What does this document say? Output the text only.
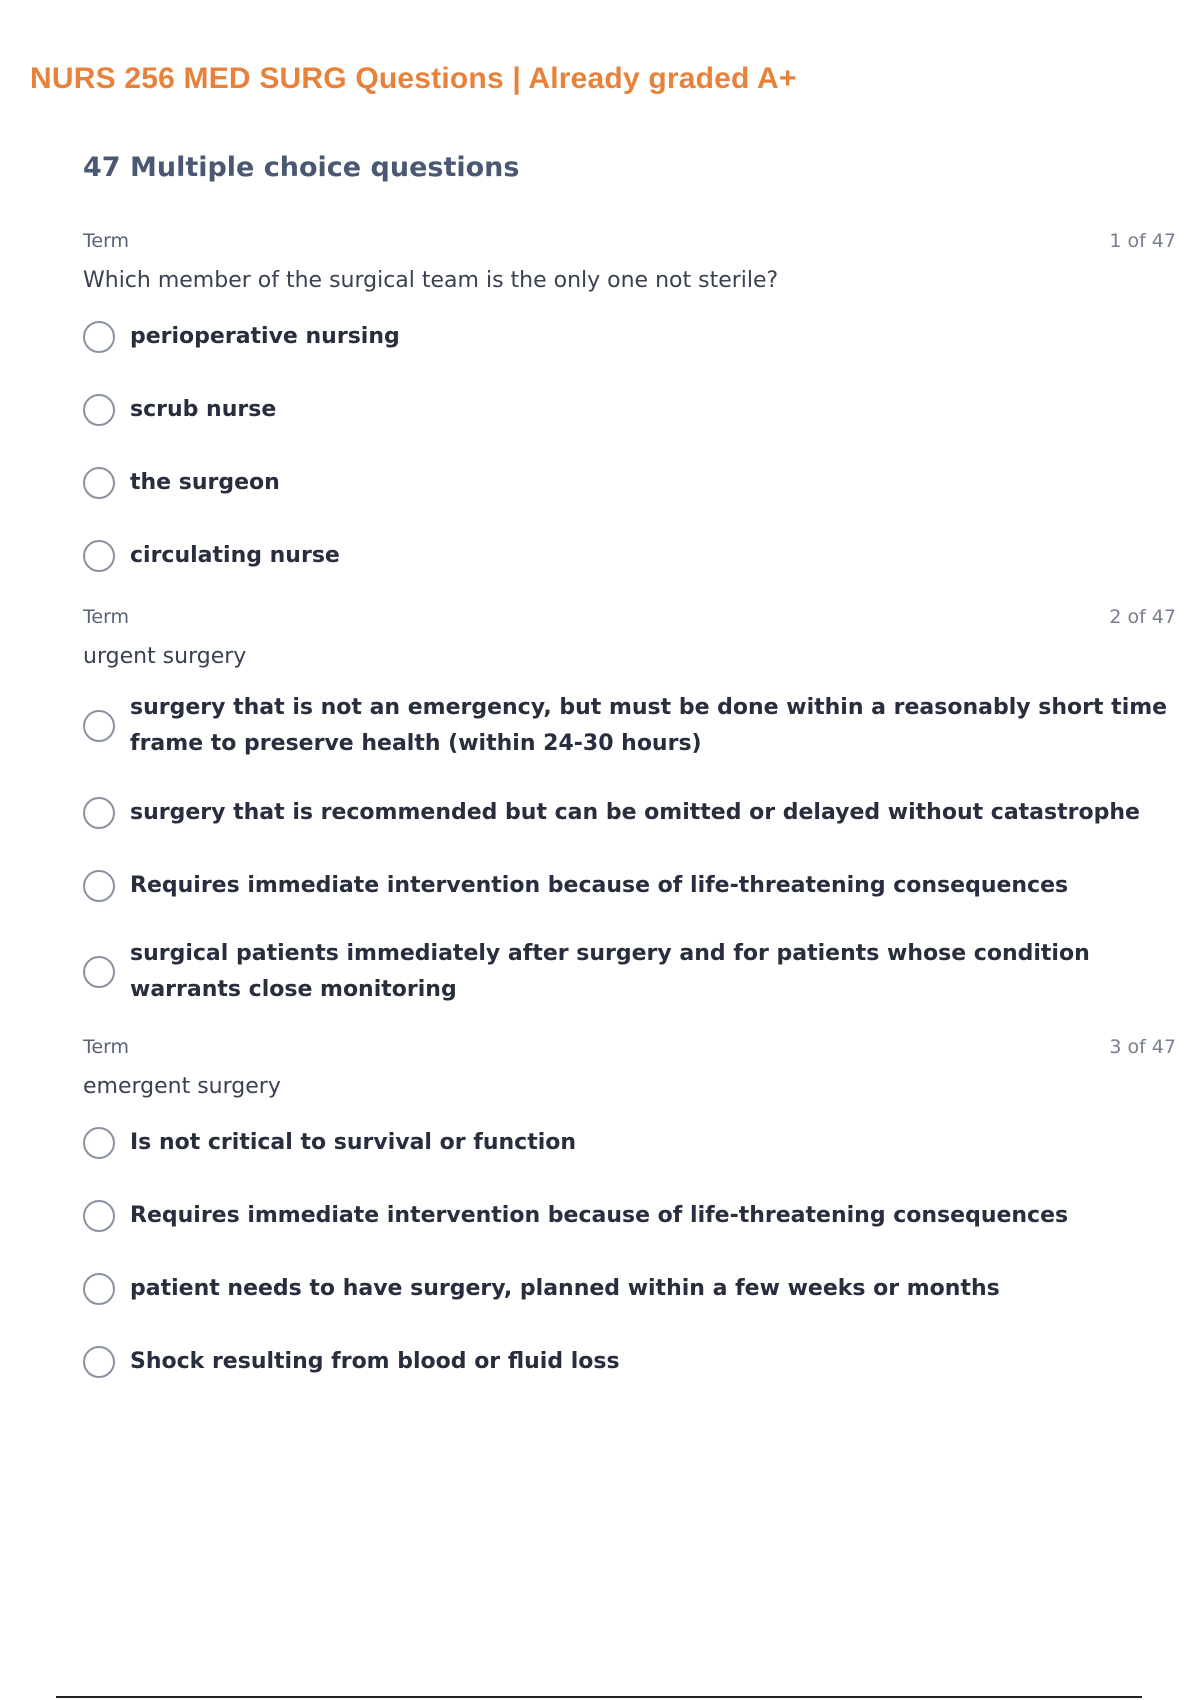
NURS 256 MED SURG Questions | Already graded A+
47 Multiple choice questions
Term	1 of 47
Which member of the surgical team is the only one not sterile?
perioperative nursing
scrub nurse
the surgeon
circulating nurse
Term	2 of 47
urgent surgery
surgery that is not an emergency, but must be done within a reasonably short time frame to preserve health (within 24-30 hours)
surgery that is recommended but can be omitted or delayed without catastrophe
Requires immediate intervention because of life-threatening consequences
surgical patients immediately after surgery and for patients whose condition warrants close monitoring
Term	3 of 47
emergent surgery
Is not critical to survival or function
Requires immediate intervention because of life-threatening consequences
patient needs to have surgery, planned within a few weeks or months
Shock resulting from blood or fluid loss
